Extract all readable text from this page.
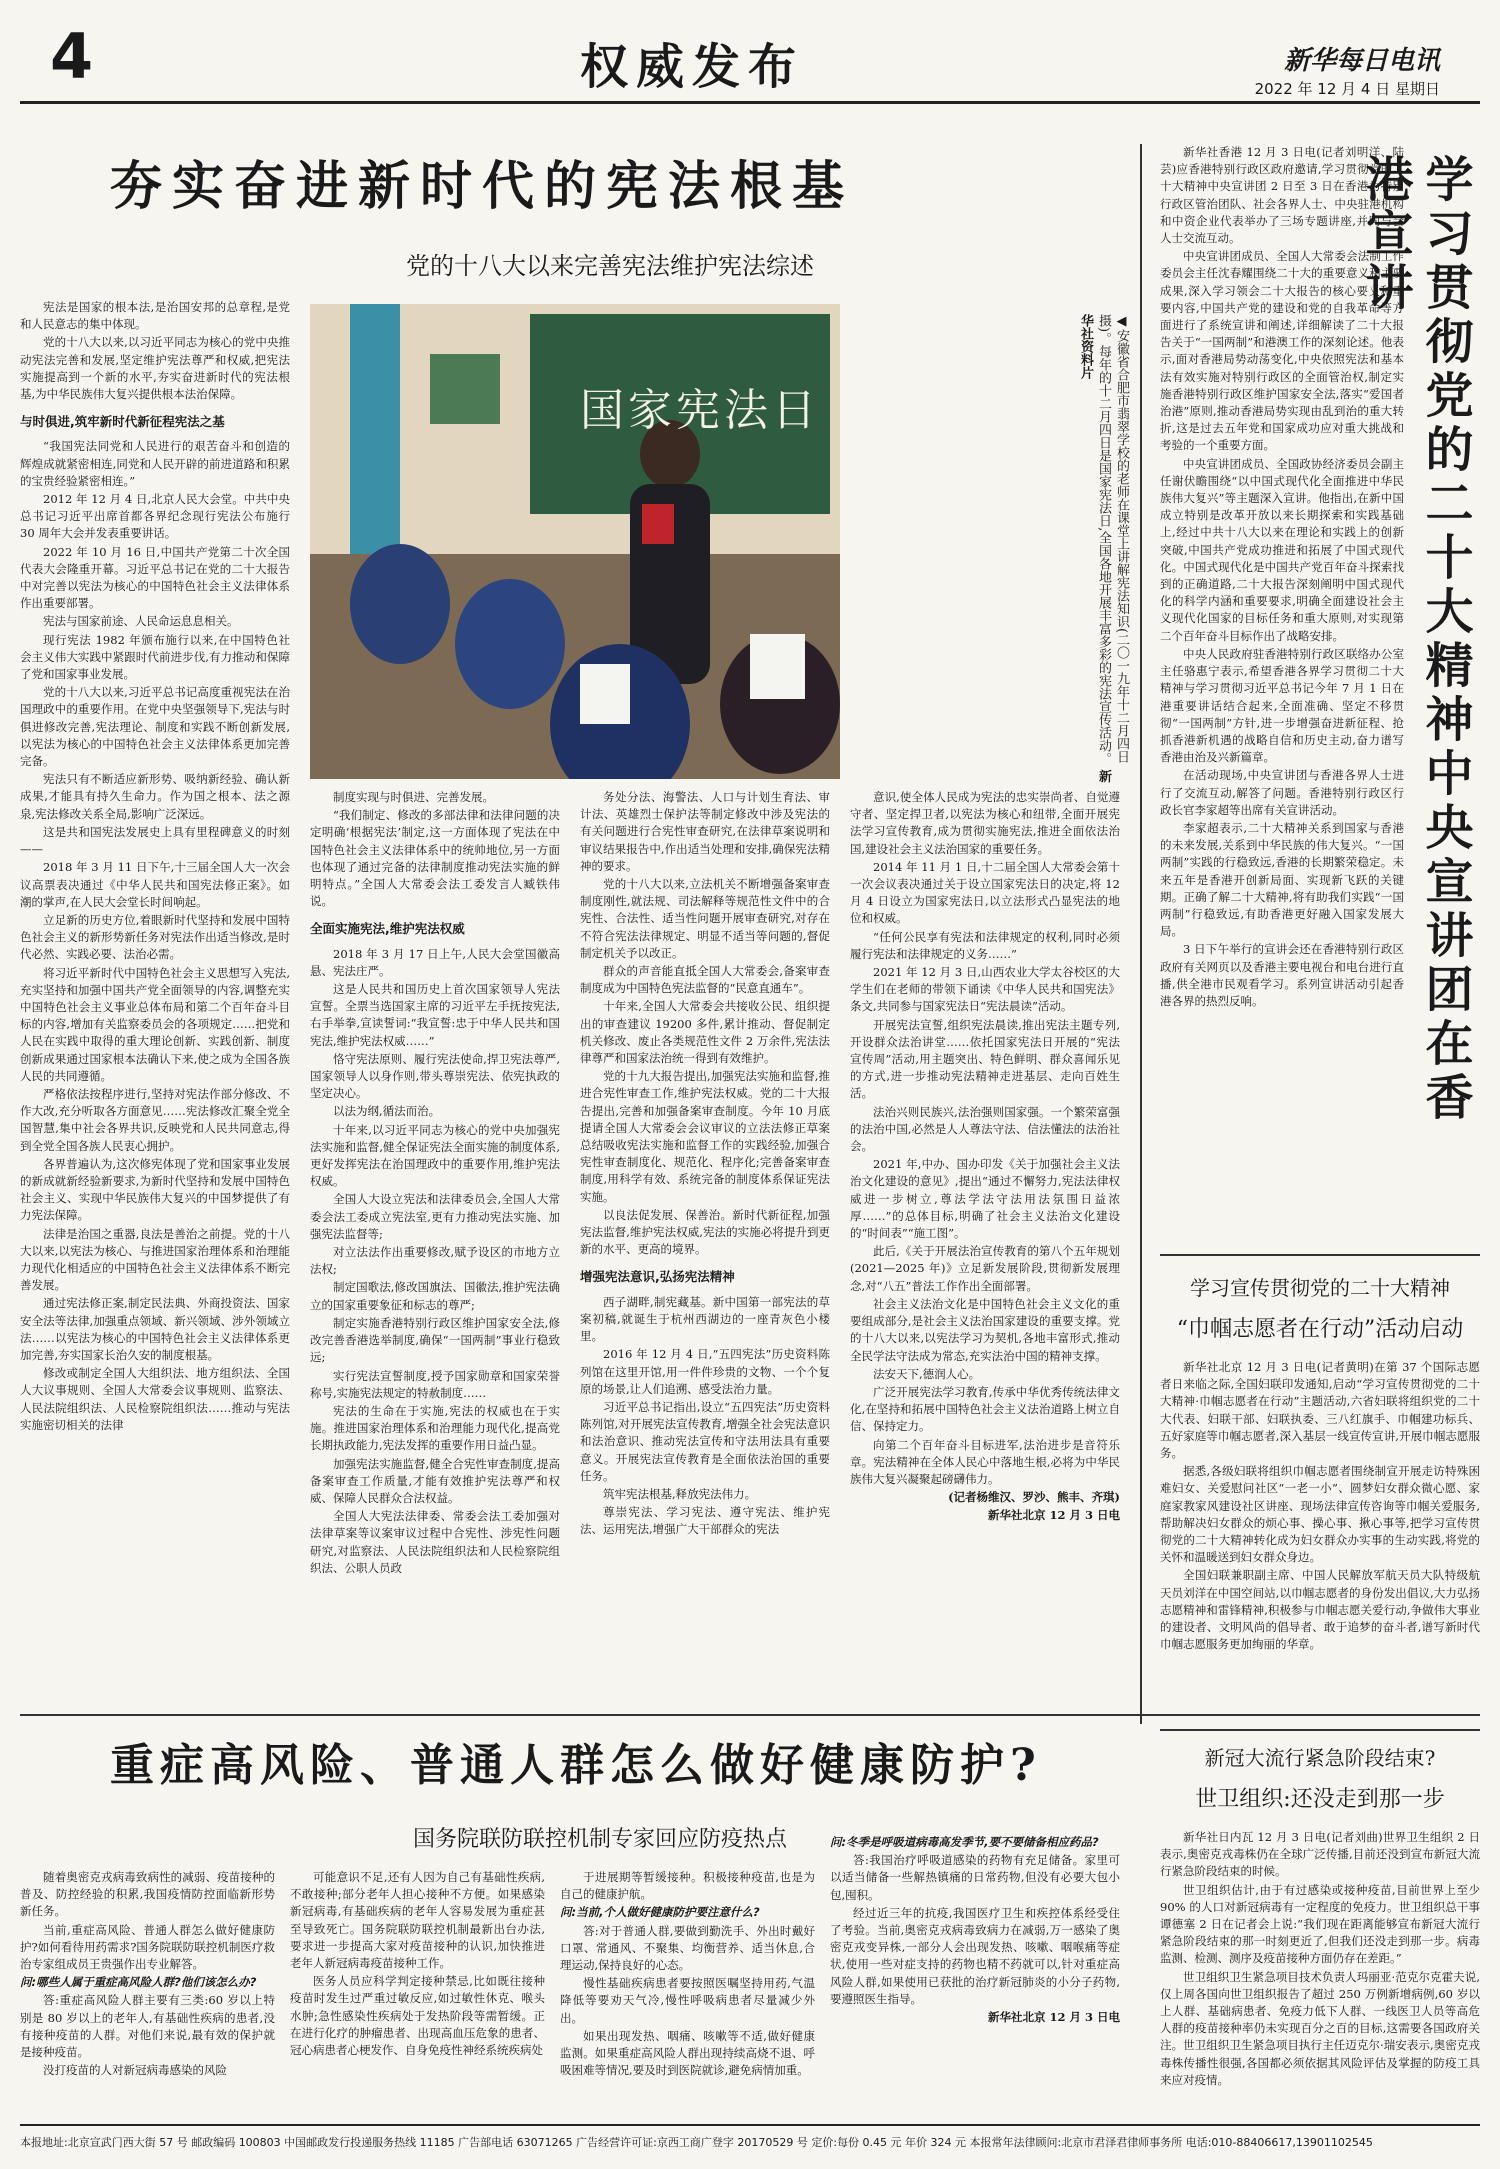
4	权威发布	新华每日电讯
2022 年 12 月 4 日 星期日
夯实奋进新时代的宪法根基
党的十八大以来完善宪法维护宪法综述
国家宪法日	◀安徽省合肥市翡翠学校的老师在课堂上讲解宪法知识(二〇一九年十二月四日摄)。每年的十二月四日是国家宪法日,全国各地开展丰富多彩的宪法宣传活动。 新华社资料片

宪法是国家的根本法,是治国安邦的总章程,是党和人民意志的集中体现。

党的十八大以来,以习近平同志为核心的党中央推动宪法完善和发展,坚定维护宪法尊严和权威,把宪法实施提高到一个新的水平,夯实奋进新时代的宪法根基,为中华民族伟大复兴提供根本法治保障。

与时俱进,筑牢新时代新征程宪法之基

“我国宪法同党和人民进行的艰苦奋斗和创造的辉煌成就紧密相连,同党和人民开辟的前进道路和积累的宝贵经验紧密相连。”

2012 年 12 月 4 日,北京人民大会堂。中共中央总书记习近平出席首都各界纪念现行宪法公布施行 30 周年大会并发表重要讲话。

2022 年 10 月 16 日,中国共产党第二十次全国代表大会隆重开幕。习近平总书记在党的二十大报告中对完善以宪法为核心的中国特色社会主义法律体系作出重要部署。

宪法与国家前途、人民命运息息相关。

现行宪法 1982 年颁布施行以来,在中国特色社会主义伟大实践中紧跟时代前进步伐,有力推动和保障了党和国家事业发展。

党的十八大以来,习近平总书记高度重视宪法在治国理政中的重要作用。在党中央坚强领导下,宪法与时俱进修改完善,宪法理论、制度和实践不断创新发展,以宪法为核心的中国特色社会主义法律体系更加完善完备。

宪法只有不断适应新形势、吸纳新经验、确认新成果,才能具有持久生命力。作为国之根本、法之源泉,宪法修改关系全局,影响广泛深远。

这是共和国宪法发展史上具有里程碑意义的时刻——

2018 年 3 月 11 日下午,十三届全国人大一次会议高票表决通过《中华人民共和国宪法修正案》。如潮的掌声,在人民大会堂长时间响起。

立足新的历史方位,着眼新时代坚持和发展中国特色社会主义的新形势新任务对宪法作出适当修改,是时代必然、实践必要、法治必需。

将习近平新时代中国特色社会主义思想写入宪法,充实坚持和加强中国共产党全面领导的内容,调整充实中国特色社会主义事业总体布局和第二个百年奋斗目标的内容,增加有关监察委员会的各项规定……把党和人民在实践中取得的重大理论创新、实践创新、制度创新成果通过国家根本法确认下来,使之成为全国各族人民的共同遵循。

严格依法按程序进行,坚持对宪法作部分修改、不作大改,充分听取各方面意见……宪法修改汇聚全党全国智慧,集中社会各界共识,反映党和人民共同意志,得到全党全国各族人民衷心拥护。

各界普遍认为,这次修宪体现了党和国家事业发展的新成就新经验新要求,为新时代坚持和发展中国特色社会主义、实现中华民族伟大复兴的中国梦提供了有力宪法保障。

法律是治国之重器,良法是善治之前提。党的十八大以来,以宪法为核心、与推进国家治理体系和治理能力现代化相适应的中国特色社会主义法律体系不断完善发展。

通过宪法修正案,制定民法典、外商投资法、国家安全法等法律,加强重点领域、新兴领域、涉外领域立法……以宪法为核心的中国特色社会主义法律体系更加完善,夯实国家长治久安的制度根基。

修改或制定全国人大组织法、地方组织法、全国人大议事规则、全国人大常委会议事规则、监察法、人民法院组织法、人民检察院组织法……推动与宪法实施密切相关的法律

制度实现与时俱进、完善发展。

“我们制定、修改的多部法律和法律问题的决定明确‘根据宪法’制定,这一方面体现了宪法在中国特色社会主义法律体系中的统帅地位,另一方面也体现了通过完备的法律制度推动宪法实施的鲜明特点。”全国人大常委会法工委发言人臧铁伟说。

全面实施宪法,维护宪法权威

2018 年 3 月 17 日上午,人民大会堂国徽高悬、宪法庄严。

这是人民共和国历史上首次国家领导人宪法宣誓。全票当选国家主席的习近平左手抚按宪法,右手举拳,宣读誓词:“我宣誓:忠于中华人民共和国宪法,维护宪法权威……”

恪守宪法原则、履行宪法使命,捍卫宪法尊严,国家领导人以身作则,带头尊崇宪法、依宪执政的坚定决心。

以法为纲,循法而治。

十年来,以习近平同志为核心的党中央加强宪法实施和监督,健全保证宪法全面实施的制度体系,更好发挥宪法在治国理政中的重要作用,维护宪法权威。

全国人大设立宪法和法律委员会,全国人大常委会法工委成立宪法室,更有力推动宪法实施、加强宪法监督等;

对立法法作出重要修改,赋予设区的市地方立法权;

制定国歌法,修改国旗法、国徽法,推护宪法确立的国家重要象征和标志的尊严;

制定实施香港特别行政区维护国家安全法,修改完善香港选举制度,确保“一国两制”事业行稳致远;

实行宪法宣誓制度,授予国家勋章和国家荣誉称号,实施宪法规定的特赦制度……

宪法的生命在于实施,宪法的权威也在于实施。推进国家治理体系和治理能力现代化,提高党长期执政能力,宪法发挥的重要作用日益凸显。

加强宪法实施监督,健全合宪性审查制度,提高备案审查工作质量,才能有效推护宪法尊严和权威、保障人民群众合法权益。

全国人大宪法法律委、常委会法工委加强对法律草案等议案审议过程中合宪性、涉宪性问题研究,对监察法、人民法院组织法和人民检察院组织法、公职人员政

务处分法、海警法、人口与计划生育法、审计法、英雄烈士保护法等制定修改中涉及宪法的有关问题进行合宪性审查研究,在法律草案说明和审议结果报告中,作出适当处理和安排,确保宪法精神的要求。

党的十八大以来,立法机关不断增强备案审查制度刚性,就法规、司法解释等规范性文件中的合宪性、合法性、适当性问题开展审查研究,对存在不符合宪法法律规定、明显不适当等问题的,督促制定机关予以改正。

群众的声音能直抵全国人大常委会,备案审查制度成为中国特色宪法监督的“民意直通车”。

十年来,全国人大常委会共接收公民、组织提出的审查建议 19200 多件,累计推动、督促制定机关修改、废止各类规范性文件 2 万余件,宪法法律尊严和国家法治统一得到有效维护。

党的十九大报告提出,加强宪法实施和监督,推进合宪性审查工作,维护宪法权威。党的二十大报告提出,完善和加强备案审查制度。今年 10 月底提请全国人大常委会会议审议的立法法修正草案总结吸收宪法实施和监督工作的实践经验,加强合宪性审查制度化、规范化、程序化;完善备案审查制度,用科学有效、系统完备的制度体系保证宪法实施。

以良法促发展、保善治。新时代新征程,加强宪法监督,维护宪法权威,宪法的实施必将提升到更新的水平、更高的境界。

增强宪法意识,弘扬宪法精神

西子湖畔,制宪藏基。新中国第一部宪法的草案初稿,就诞生于杭州西湖边的一座青灰色小楼里。

2016 年 12 月 4 日,“五四宪法”历史资料陈列馆在这里开馆,用一件件珍贵的文物、一个个复原的场景,让人们追溯、感受法治力量。

习近平总书记指出,设立“五四宪法”历史资料陈列馆,对开展宪法宣传教育,增强全社会宪法意识和法治意识、推动宪法宣传和守法用法具有重要意义。开展宪法宣传教育是全面依法治国的重要任务。

筑牢宪法根基,释放宪法伟力。

尊崇宪法、学习宪法、遵守宪法、维护宪法、运用宪法,增强广大干部群众的宪法

意识,使全体人民成为宪法的忠实崇尚者、自觉遵守者、坚定捍卫者,以宪法为核心和纽带,全面开展宪法学习宣传教育,成为贯彻实施宪法,推进全面依法治国,建设社会主义法治国家的重要任务。

2014 年 11 月 1 日,十二届全国人大常委会第十一次会议表决通过关于设立国家宪法日的决定,将 12 月 4 日设立为国家宪法日,以立法形式凸显宪法的地位和权威。

“任何公民享有宪法和法律规定的权利,同时必须履行宪法和法律规定的义务……”

2021 年 12 月 3 日,山西农业大学太谷校区的大学生们在老师的带领下诵读《中华人民共和国宪法》条文,共同参与国家宪法日“宪法晨读”活动。

开展宪法宣誓,组织宪法晨读,推出宪法主题专列,开设群众法治讲堂……依托国家宪法日开展的“宪法宣传周”活动,用主题突出、特色鲜明、群众喜闻乐见的方式,进一步推动宪法精神走进基层、走向百姓生活。

法治兴则民族兴,法治强则国家强。一个繁荣富强的法治中国,必然是人人尊法守法、信法懂法的法治社会。

2021 年,中办、国办印发《关于加强社会主义法治文化建设的意见》,提出“通过不懈努力,宪法法律权威进一步树立,尊法学法守法用法氛围日益浓厚……”的总体目标,明确了社会主义法治文化建设的“时间表”“施工图”。

此后,《关于开展法治宣传教育的第八个五年规划(2021—2025 年)》立足新发展阶段,贯彻新发展理念,对“八五”普法工作作出全面部署。

社会主义法治文化是中国特色社会主义文化的重要组成部分,是社会主义法治国家建设的重要支撑。党的十八大以来,以宪法学习为契机,各地丰富形式,推动全民学法守法成为常态,充实法治中国的精神支撑。

法安天下,德润人心。

广泛开展宪法学习教育,传承中华优秀传统法律文化,在坚持和拓展中国特色社会主义法治道路上树立自信、保持定力。

向第二个百年奋斗目标进军,法治进步是音符乐章。宪法精神在全体人民心中落地生根,必将为中华民族伟大复兴凝聚起磅礴伟力。

(记者杨维汉、罗沙、熊丰、齐琪)

新华社北京 12 月 3 日电

学习贯彻党的二十大精神中央宣讲团在香港宣讲

新华社香港 12 月 3 日电(记者刘明洋、陆芸)应香港特别行政区政府邀请,学习贯彻党的二十大精神中央宣讲团 2 日至 3 日在香港为特别行政区管治团队、社会各界人士、中央驻港机构和中资企业代表举办了三场专题讲座,并同与会人士交流互动。

中央宣讲团成员、全国人大常委会法制工作委员会主任沈春耀围绕二十大的重要意义和主要成果,深入学习领会二十大报告的核心要义和重要内容,中国共产党的建设和党的自我革命等方面进行了系统宣讲和阐述,详细解读了二十大报告关于“一国两制”和港澳工作的深刻论述。他表示,面对香港局势动荡变化,中央依照宪法和基本法有效实施对特别行政区的全面管治权,制定实施香港特别行政区维护国家安全法,落实“爱国者治港”原则,推动香港局势实现由乱到治的重大转折,这是过去五年党和国家成功应对重大挑战和考验的一个重要方面。

中央宣讲团成员、全国政协经济委员会副主任谢伏瞻围绕“以中国式现代化全面推进中华民族伟大复兴”等主题深入宣讲。他指出,在新中国成立特别是改革开放以来长期探索和实践基础上,经过中共十八大以来在理论和实践上的创新突破,中国共产党成功推进和拓展了中国式现代化。中国式现代化是中国共产党百年奋斗探索找到的正确道路,二十大报告深刻阐明中国式现代化的科学内涵和重要要求,明确全面建设社会主义现代化国家的目标任务和重大原则,对实现第二个百年奋斗目标作出了战略安排。

中央人民政府驻香港特别行政区联络办公室主任骆惠宁表示,希望香港各界学习贯彻二十大精神与学习贯彻习近平总书记今年 7 月 1 日在港重要讲话结合起来,全面准确、坚定不移贯彻“一国两制”方针,进一步增强奋进新征程、抢抓香港新机遇的战略自信和历史主动,奋力谱写香港由治及兴新篇章。

在活动现场,中央宣讲团与香港各界人士进行了交流互动,解答了问题。香港特别行政区行政长官李家超等出席有关宣讲活动。

李家超表示,二十大精神关系到国家与香港的未来发展,关系到中华民族的伟大复兴。“一国两制”实践的行稳致远,香港的长期繁荣稳定。未来五年是香港开创新局面、实现新飞跃的关键期。正确了解二十大精神,将有助我们实践“一国两制”行稳致远,有助香港更好融入国家发展大局。

3 日下午举行的宣讲会还在香港特别行政区政府有关网页以及香港主要电视台和电台进行直播,供全港市民观看学习。系列宣讲活动引起香港各界的热烈反响。

学习宣传贯彻党的二十大精神
“巾帼志愿者在行动”活动启动

新华社北京 12 月 3 日电(记者黄明)在第 37 个国际志愿者日来临之际,全国妇联印发通知,启动“学习宣传贯彻党的二十大精神·巾帼志愿者在行动”主题活动,六省妇联将组织党的二十大代表、妇联干部、妇联执委、三八红旗手、巾帼建功标兵、五好家庭等巾帼志愿者,深入基层一线宣传宣讲,开展巾帼志愿服务。

据悉,各级妇联将组织巾帼志愿者围绕制宣开展走访特殊困难妇女、关爱慰问社区“一老一小”、圆梦妇女群众微心愿、家庭家教家风建设社区讲座、现场法律宣传咨询等巾帼关爱服务,帮助解决妇女群众的烦心事、操心事、揪心事等,把学习宣传贯彻党的二十大精神转化成为妇女群众办实事的生动实践,将党的关怀和温暖送到妇女群众身边。

全国妇联兼职副主席、中国人民解放军航天员大队特级航天员刘洋在中国空间站,以巾帼志愿者的身份发出倡议,大力弘扬志愿精神和雷锋精神,积极参与巾帼志愿关爱行动,争做伟大事业的建设者、文明风尚的倡导者、敢于追梦的奋斗者,谱写新时代巾帼志愿服务更加绚丽的华章。

重症高风险、普通人群怎么做好健康防护?
国务院联防联控机制专家回应防疫热点

随着奥密克戎病毒致病性的减弱、疫苗接种的普及、防控经验的积累,我国疫情防控面临新形势新任务。

当前,重症高风险、普通人群怎么做好健康防护?如何看待用药需求?国务院联防联控机制医疗救治专家组成员王贵强作出专业解答。

问:哪些人属于重症高风险人群?他们该怎么办?

答:重症高风险人群主要有三类:60 岁以上特别是 80 岁以上的老年人,有基础性疾病的患者,没有接种疫苗的人群。对他们来说,最有效的保护就是接种疫苗。

没打疫苗的人对新冠病毒感染的风险

可能意识不足,还有人因为自己有基础性疾病,不敢接种;部分老年人担心接种不方便。如果感染新冠病毒,有基础疾病的老年人容易发展为重症甚至导致死亡。国务院联防联控机制最新出台办法,要求进一步提高大家对疫苗接种的认识,加快推进老年人新冠病毒疫苗接种工作。

医务人员应科学判定接种禁忌,比如既往接种疫苗时发生过严重过敏反应,如过敏性休克、喉头水肿;急性感染性疾病处于发热阶段等需暂缓。正在进行化疗的肿瘤患者、出现高血压危象的患者、冠心病患者心梗发作、自身免疫性神经系统疾病处

于进展期等暂缓接种。积极接种疫苗,也是为自己的健康护航。

问:当前,个人做好健康防护要注意什么?

答:对于普通人群,要做到勤洗手、外出时戴好口罩、常通风、不聚集、均衡营养、适当休息,合理运动,保持良好的心态。

慢性基础疾病患者要按照医嘱坚持用药,气温降低等要劝天气冷,慢性呼吸病患者尽量减少外出。

如果出现发热、咽痛、咳嗽等不适,做好健康监测。如果重症高风险人群出现持续高烧不退、呼吸困难等情况,要及时到医院就诊,避免病情加重。

问:冬季是呼吸道病毒高发季节,要不要储备相应药品?

答:我国治疗呼吸道感染的药物有充足储备。家里可以适当储备一些解热镇痛的日常药物,但没有必要大包小包,囤积。

经过近三年的抗疫,我国医疗卫生和疾控体系经受住了考验。当前,奥密克戎病毒致病力在减弱,万一感染了奥密克戎变异株,一部分人会出现发热、咳嗽、咽喉痛等症状,使用一些对症支持的药物也精不药就可以,针对重症高风险人群,如果使用已获批的治疗新冠肺炎的小分子药物,要遵照医生指导。

新华社北京 12 月 3 日电

新冠大流行紧急阶段结束?
世卫组织:还没走到那一步

新华社日内瓦 12 月 3 日电(记者刘曲)世界卫生组织 2 日表示,奥密克戎毒株仍在全球广泛传播,目前还没到宣布新冠大流行紧急阶段结束的时候。

世卫组织估计,由于有过感染或接种疫苗,目前世界上至少 90% 的人口对新冠病毒有一定程度的免疫力。世卫组织总干事谭德塞 2 日在记者会上说:“我们现在距离能够宣布新冠大流行紧急阶段结束的那一时刻更近了,但我们还没走到那一步。病毒监测、检测、测序及疫苗接种方面仍存在差距。”

世卫组织卫生紧急项目技术负责人玛丽亚·范克尔克霍夫说,仅上周各国向世卫组织报告了超过 250 万例新增病例,60 岁以上人群、基础病患者、免疫力低下人群、一线医卫人员等高危人群的疫苗接种率仍未实现百分之百的目标,这需要各国政府关注。世卫组织卫生紧急项目执行主任迈克尔·瑞安表示,奥密克戎毒株传播性很强,各国都必须依据其风险评估及掌握的防疫工具来应对疫情。

本报地址:北京宣武门西大街 57 号 邮政编码 100803 中国邮政发行投递服务热线 11185 广告部电话 63071265 广告经营许可证:京西工商广登字 20170529 号 定价:每份 0.45 元 年价 324 元 本报常年法律顾问:北京市君泽君律师事务所 电话:010-88406617,13901102545
